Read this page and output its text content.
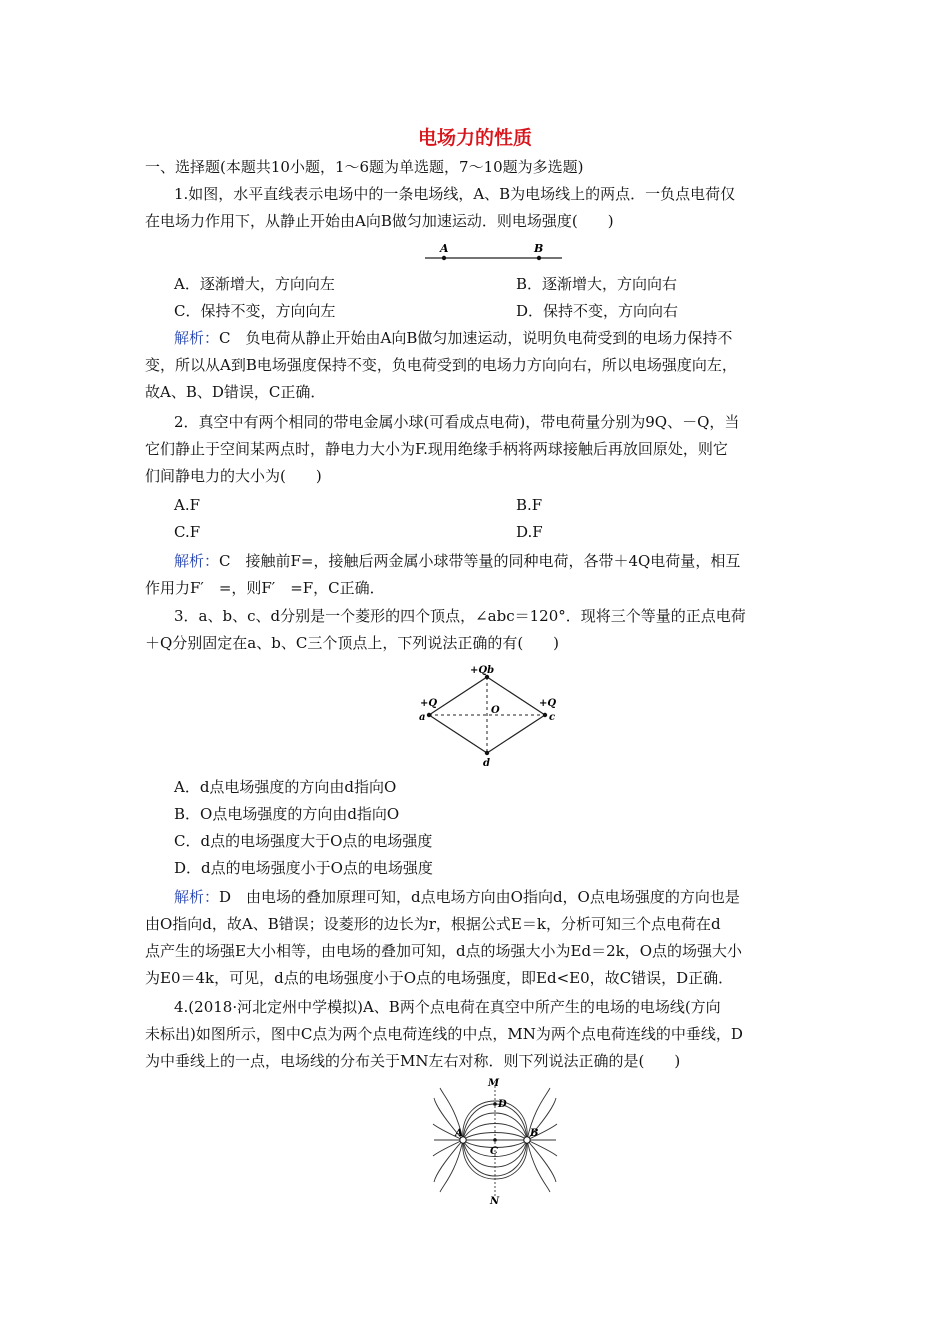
电场力的性质
一、选择题(本题共10小题，1～6题为单选题，7～10题为多选题)
1.如图，水平直线表示电场中的一条电场线，A、B为电场线上的两点．一负点电荷仅
在电场力作用下，从静止开始由A向B做匀加速运动．则电场强度(　　)
A	B
A．逐渐增大，方向向左	B．逐渐增大，方向向右
C．保持不变，方向向左	D．保持不变，方向向右
解析：C　负电荷从静止开始由A向B做匀加速运动，说明负电荷受到的电场力保持不
变，所以从A到B电场强度保持不变，负电荷受到的电场力方向向右，所以电场强度向左，
故A、B、D错误，C正确．
2．真空中有两个相同的带电金属小球(可看成点电荷)，带电荷量分别为9Q、－Q，当
它们静止于空间某两点时，静电力大小为F.现用绝缘手柄将两球接触后再放回原处，则它
们间静电力的大小为(　　)
A.F	B.F
C.F	D.F
解析：C　接触前F=，接触后两金属小球带等量的同种电荷，各带＋4Q电荷量，相互
作用力F′　=，则F′　=F，C正确．
3．a、b、c、d分别是一个菱形的四个顶点，∠abc＝120°．现将三个等量的正点电荷
＋Q分别固定在a、b、C三个顶点上，下列说法正确的有(　　)
+Qb
+Q
a
O
+Q
c
d
A．d点电场强度的方向由d指向O
B．O点电场强度的方向由d指向O
C．d点的电场强度大于O点的电场强度
D．d点的电场强度小于O点的电场强度
解析：D　由电场的叠加原理可知，d点电场方向由O指向d，O点电场强度的方向也是
由O指向d，故A、B错误；设菱形的边长为r，根据公式E＝k，分析可知三个点电荷在d
点产生的场强E大小相等，由电场的叠加可知，d点的场强大小为Ed＝2k，O点的场强大小
为E0＝4k，可见，d点的电场强度小于O点的电场强度，即Ed<E0，故C错误，D正确．
4.(2018·河北定州中学模拟)A、B两个点电荷在真空中所产生的电场的电场线(方向
未标出)如图所示，图中C点为两个点电荷连线的中点，MN为两个点电荷连线的中垂线，D
为中垂线上的一点，电场线的分布关于MN左右对称．则下列说法正确的是(　　)
M
D
A	B
C
N
